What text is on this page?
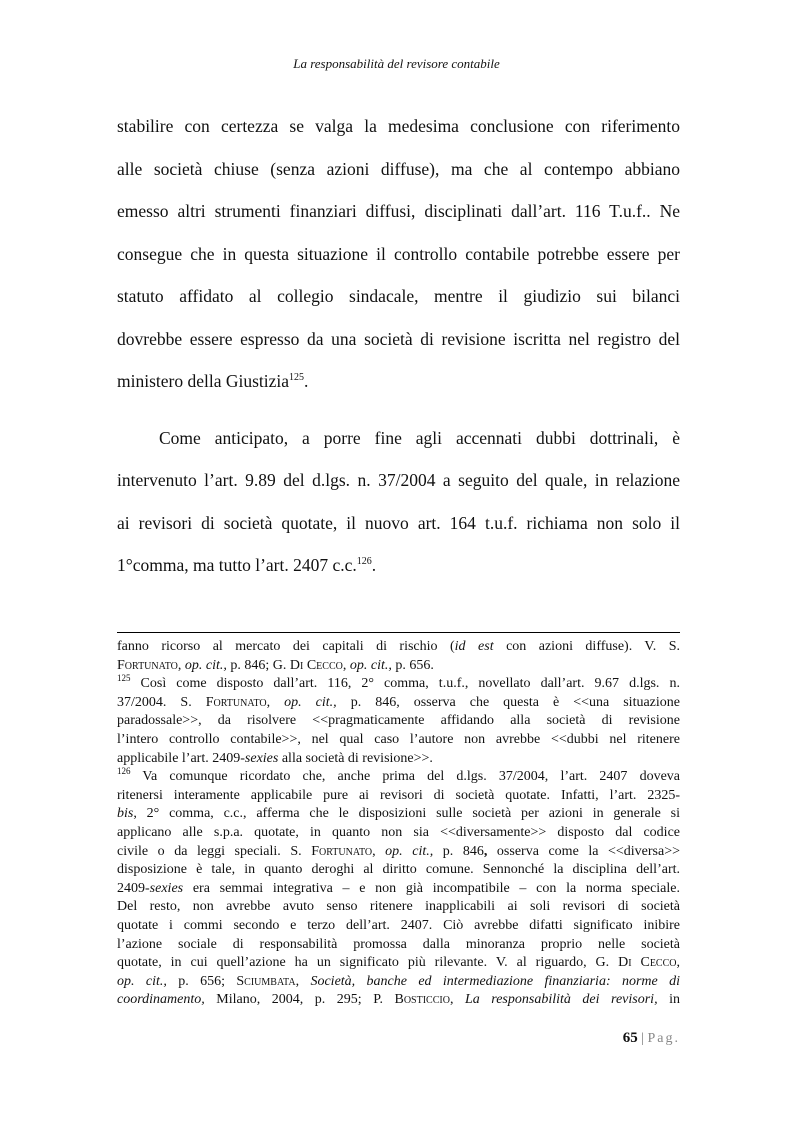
La responsabilità del revisore contabile
stabilire con certezza se valga la medesima conclusione con riferimento
alle società chiuse (senza azioni diffuse), ma che al contempo abbiano
emesso altri strumenti finanziari diffusi, disciplinati dall’art. 116 T.u.f.. Ne
consegue che in questa situazione il controllo contabile potrebbe essere per
statuto affidato al collegio sindacale, mentre il giudizio sui bilanci
dovrebbe essere espresso da una società di revisione iscritta nel registro del
ministero della Giustizia$^{125}$.
Come anticipato, a porre fine agli accennati dubbi dottrinali, è
intervenuto l’art. 9.89 del d.lgs. n. 37/2004 a seguito del quale, in relazione
ai revisori di società quotate, il nuovo art. 164 t.u.f. richiama non solo il
1°comma, ma tutto l’art. 2407 c.c.$^{126}$.
fanno ricorso al mercato dei capitali di rischio (id est con azioni diffuse). V. S.
Fortunato, op. cit., p. 846; G. Di Cecco, op. cit., p. 656.
$^{125}$ Così come disposto dall’art. 116, 2° comma, t.u.f., novellato dall’art. 9.67 d.lgs. n.
37/2004. S. Fortunato, op. cit., p. 846, osserva che questa è <<una situazione
paradossale>>, da risolvere <<pragmaticamente affidando alla società di revisione
l’intero controllo contabile>>, nel qual caso l’autore non avrebbe <<dubbi nel ritenere
applicabile l’art. 2409-sexies alla società di revisione>>.
$^{126}$ Va comunque ricordato che, anche prima del d.lgs. 37/2004, l’art. 2407 doveva
ritenersi interamente applicabile pure ai revisori di società quotate. Infatti, l’art. 2325-
bis, 2° comma, c.c., afferma che le disposizioni sulle società per azioni in generale si
applicano alle s.p.a. quotate, in quanto non sia <<diversamente>> disposto dal codice
civile o da leggi speciali. S. Fortunato, op. cit., p. 846, osserva come la <<diversa>>
disposizione è tale, in quanto deroghi al diritto comune. Sennonché la disciplina dell’art.
2409-sexies era semmai integrativa – e non già incompatibile – con la norma speciale.
Del resto, non avrebbe avuto senso ritenere inapplicabili ai soli revisori di società
quotate i commi secondo e terzo dell’art. 2407. Ciò avrebbe difatti significato inibire
l’azione sociale di responsabilità promossa dalla minoranza proprio nelle società
quotate, in cui quell’azione ha un significato più rilevante. V. al riguardo, G. Di Cecco,
op. cit., p. 656; Sciumbata, Società, banche ed intermediazione finanziaria: norme di
coordinamento, Milano, 2004, p. 295; P. Bosticcio, La responsabilità dei revisori, in
65 | Pag.
